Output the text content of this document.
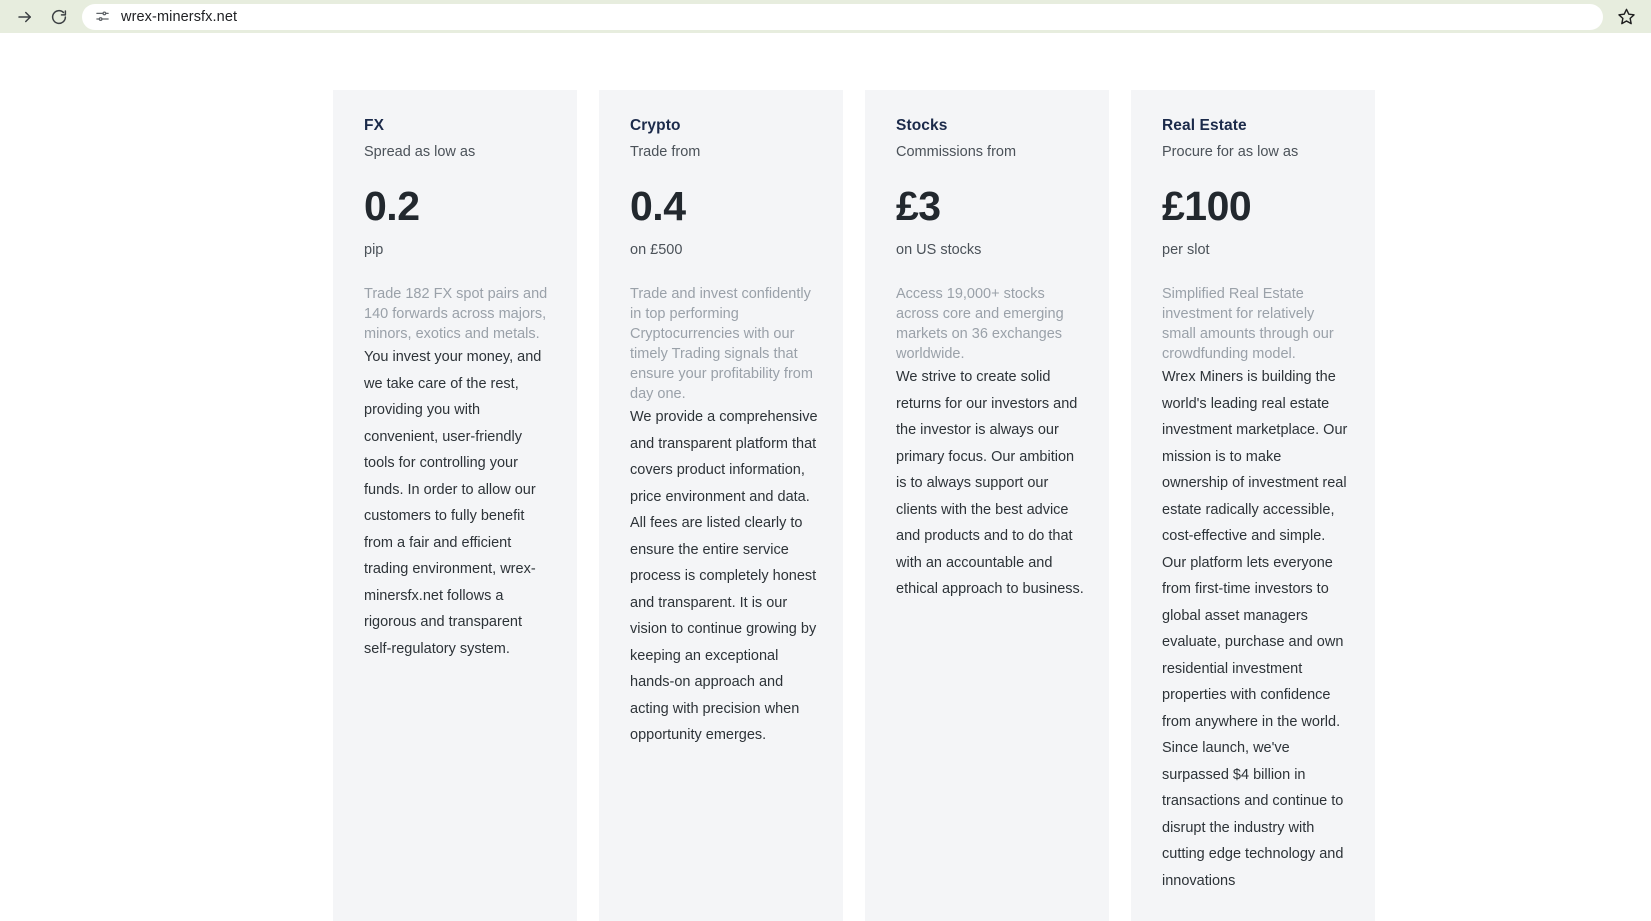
wrex-minersfx.net
FX
Spread as low as
0.2
pip

Trade 182 FX spot pairs and 140 forwards across majors, minors, exotics and metals.

You invest your money, and we take care of the rest, providing you with convenient, user-friendly tools for controlling your funds. In order to allow our customers to fully benefit from a fair and efficient trading environment, wrex-minersfx.net follows a rigorous and transparent self-regulatory system.

Crypto
Trade from
0.4
on £500

Trade and invest confidently in top performing Cryptocurrencies with our timely Trading signals that ensure your profitability from day one.

We provide a comprehensive and transparent platform that covers product information, price environment and data. All fees are listed clearly to ensure the entire service process is completely honest and transparent. It is our vision to continue growing by keeping an exceptional hands-on approach and acting with precision when opportunity emerges.

Stocks
Commissions from
£3
on US stocks

Access 19,000+ stocks across core and emerging markets on 36 exchanges worldwide.

We strive to create solid returns for our investors and the investor is always our primary focus. Our ambition is to always support our clients with the best advice and products and to do that with an accountable and ethical approach to business.

Real Estate
Procure for as low as
£100
per slot

Simplified Real Estate investment for relatively small amounts through our crowdfunding model.

Wrex Miners is building the world's leading real estate investment marketplace. Our mission is to make ownership of investment real estate radically accessible, cost-effective and simple. Our platform lets everyone from first-time investors to global asset managers evaluate, purchase and own residential investment properties with confidence from anywhere in the world. Since launch, we've surpassed $4 billion in transactions and continue to disrupt the industry with cutting edge technology and innovations
